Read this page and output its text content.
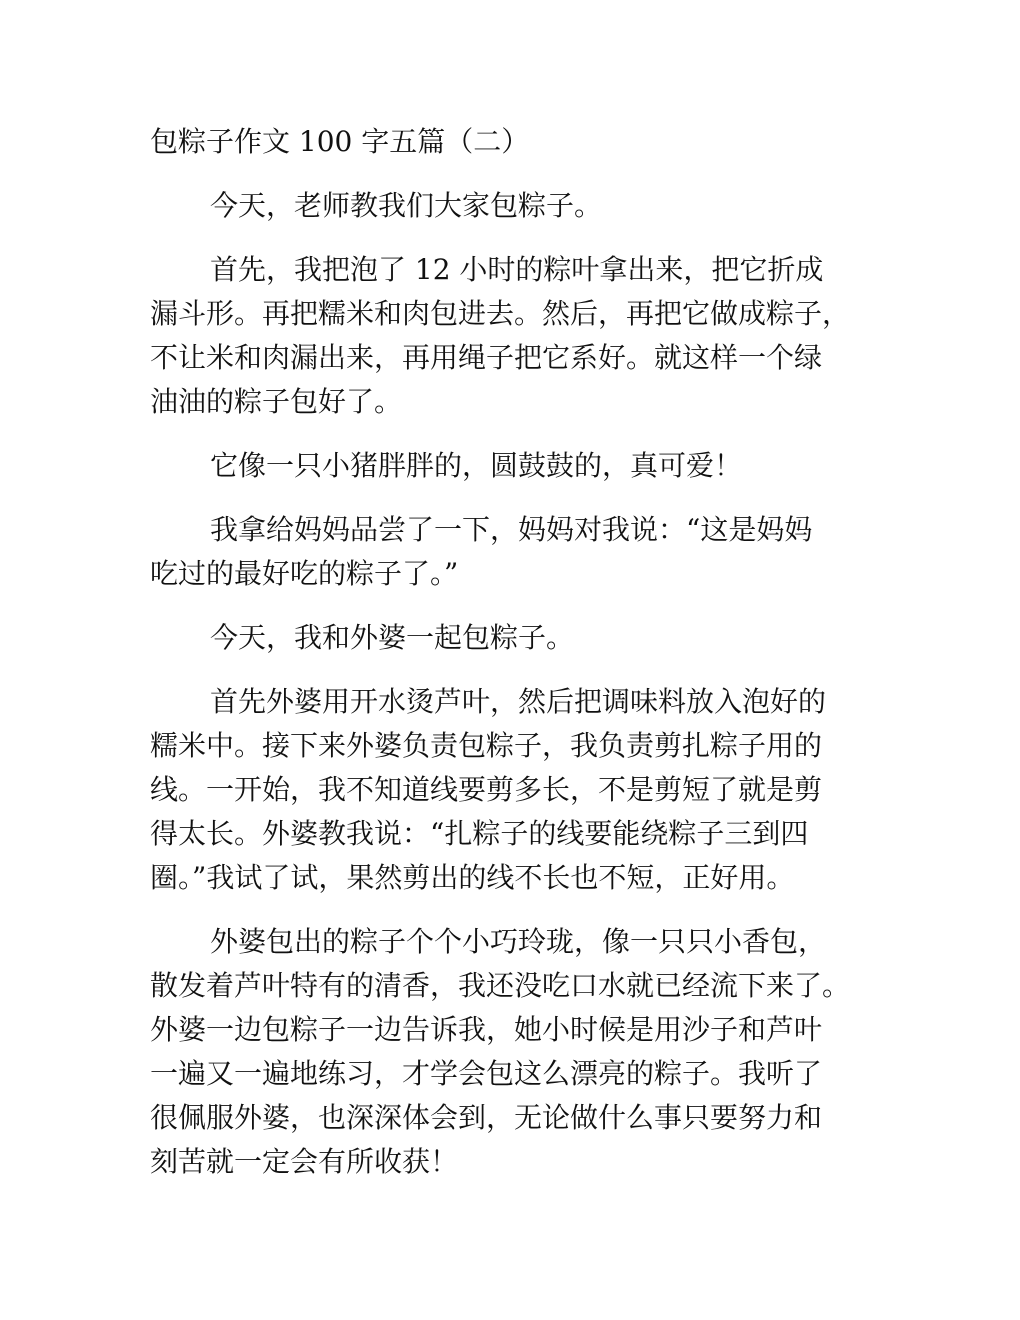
包粽子作文 100 字五篇（二）

今天，老师教我们大家包粽子。

首先，我把泡了 12 小时的粽叶拿出来，把它折成
漏斗形。再把糯米和肉包进去。然后，再把它做成粽子，
不让米和肉漏出来，再用绳子把它系好。就这样一个绿
油油的粽子包好了。

它像一只小猪胖胖的，圆鼓鼓的，真可爱！

我拿给妈妈品尝了一下，妈妈对我说：“这是妈妈
吃过的最好吃的粽子了。”

今天，我和外婆一起包粽子。

首先外婆用开水烫芦叶，然后把调味料放入泡好的
糯米中。接下来外婆负责包粽子，我负责剪扎粽子用的
线。一开始，我不知道线要剪多长，不是剪短了就是剪
得太长。外婆教我说：“扎粽子的线要能绕粽子三到四
圈。”我试了试，果然剪出的线不长也不短，正好用。

外婆包出的粽子个个小巧玲珑，像一只只小香包，
散发着芦叶特有的清香，我还没吃口水就已经流下来了。
外婆一边包粽子一边告诉我，她小时候是用沙子和芦叶
一遍又一遍地练习，才学会包这么漂亮的粽子。我听了
很佩服外婆，也深深体会到，无论做什么事只要努力和
刻苦就一定会有所收获！
